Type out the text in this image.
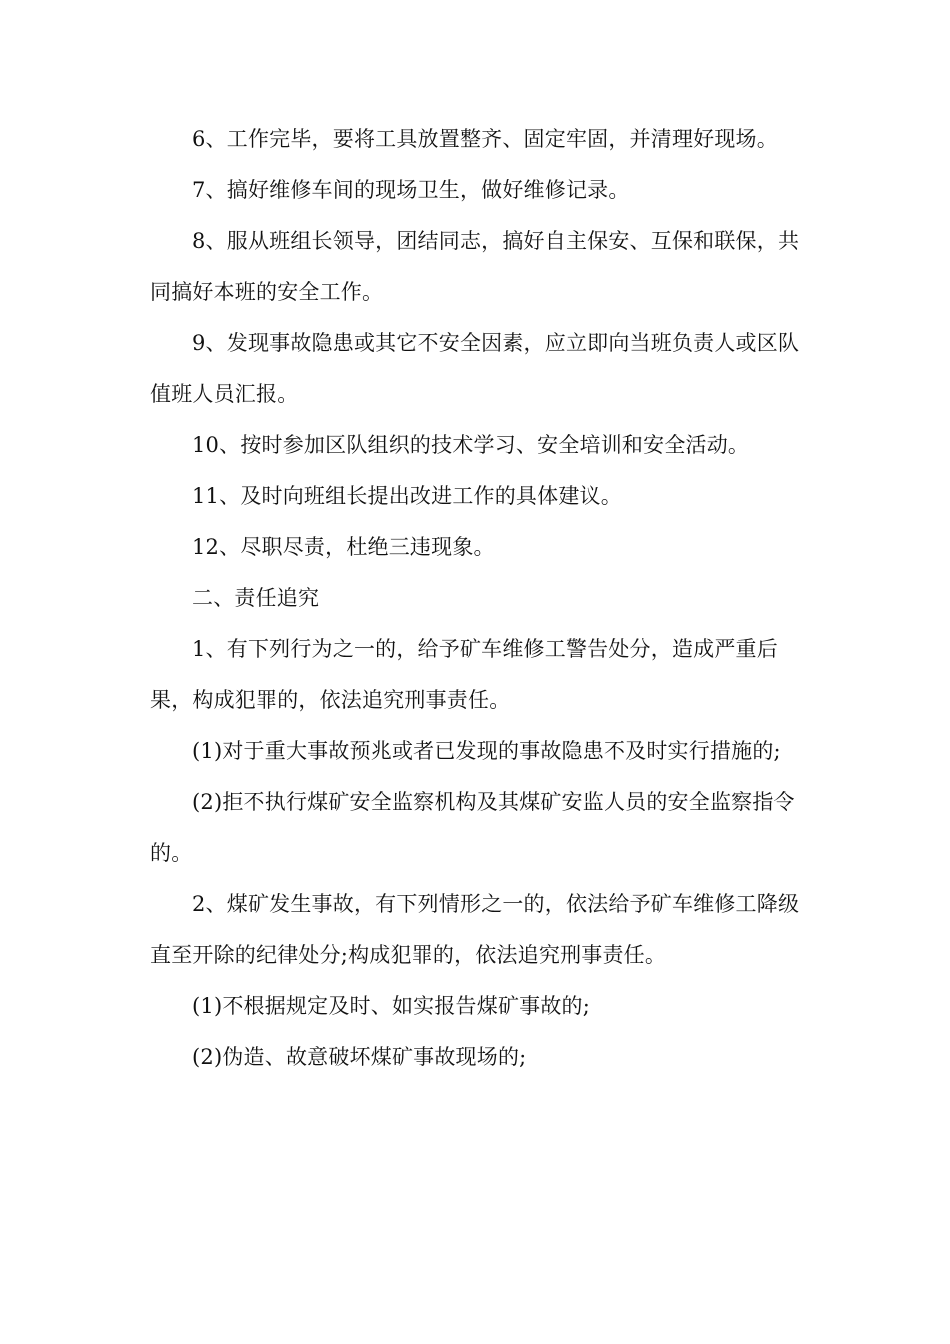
6、工作完毕，要将工具放置整齐、固定牢固，并清理好现场。

7、搞好维修车间的现场卫生，做好维修记录。

8、服从班组长领导，团结同志，搞好自主保安、互保和联保，共同搞好本班的安全工作。

9、发现事故隐患或其它不安全因素，应立即向当班负责人或区队值班人员汇报。

10、按时参加区队组织的技术学习、安全培训和安全活动。

11、及时向班组长提出改进工作的具体建议。

12、尽职尽责，杜绝三违现象。

二、责任追究

1、有下列行为之一的，给予矿车维修工警告处分，造成严重后果，构成犯罪的，依法追究刑事责任。

(1)对于重大事故预兆或者已发现的事故隐患不及时实行措施的;

(2)拒不执行煤矿安全监察机构及其煤矿安监人员的安全监察指令的。

2、煤矿发生事故，有下列情形之一的，依法给予矿车维修工降级直至开除的纪律处分;构成犯罪的，依法追究刑事责任。

(1)不根据规定及时、如实报告煤矿事故的;

(2)伪造、故意破坏煤矿事故现场的;
